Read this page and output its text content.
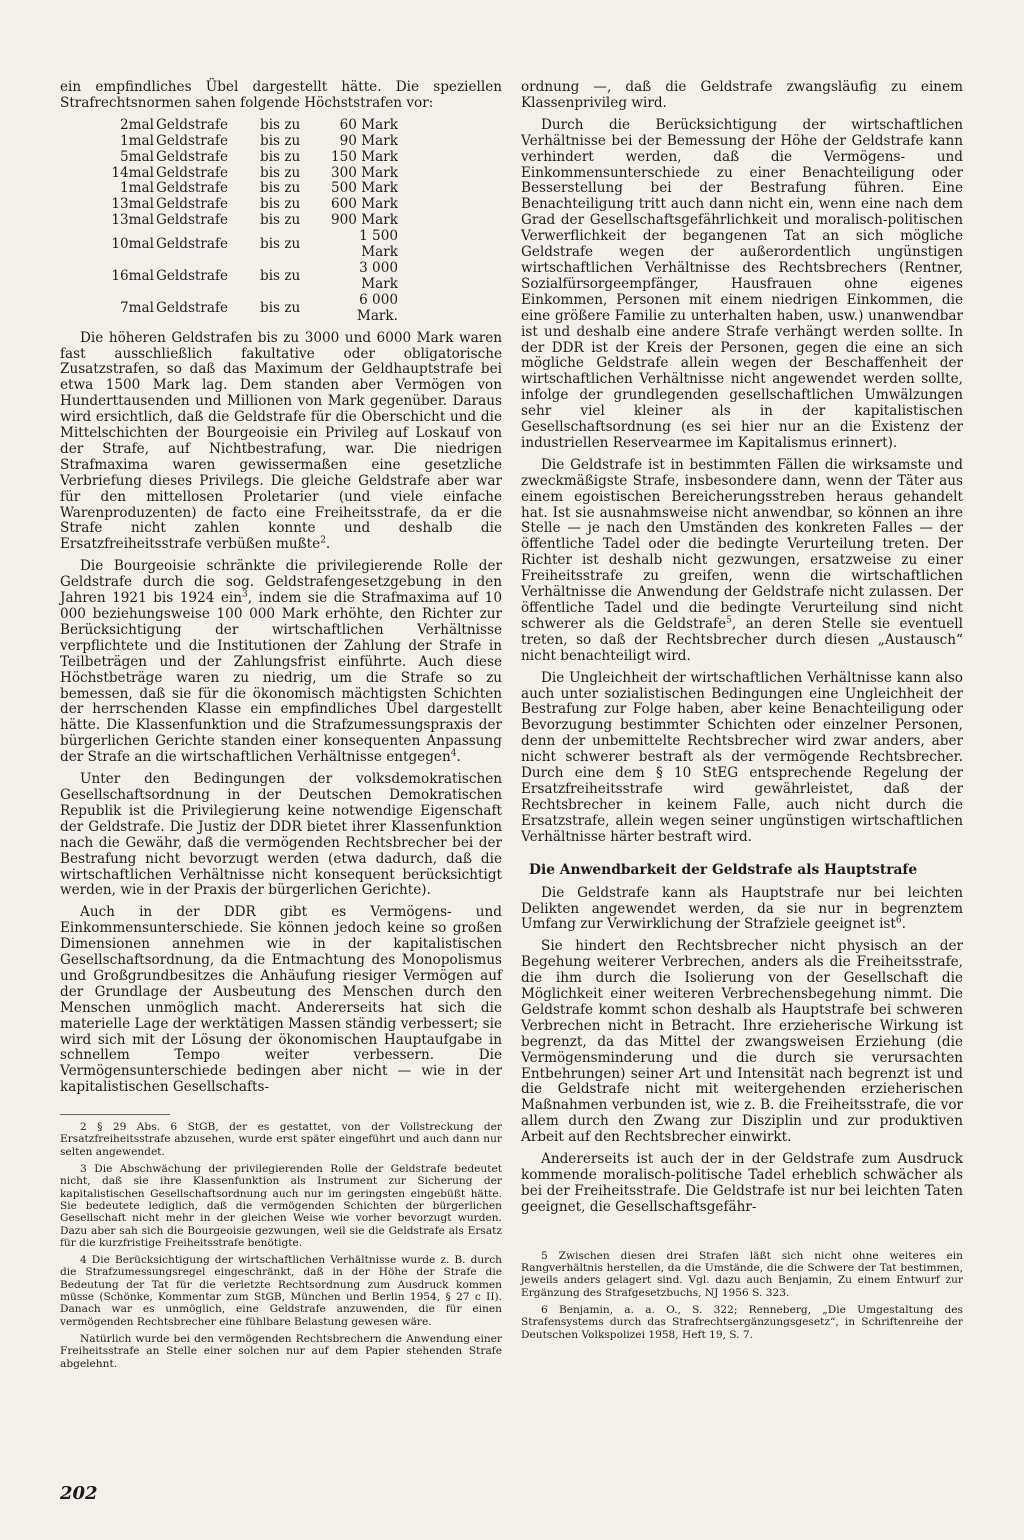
ein empfindliches Übel dargestellt hätte. Die speziellen Strafrechtsnormen sahen folgende Höchststrafen vor:

2mal	Geldstrafe	bis zu	60 Mark
1mal	Geldstrafe	bis zu	90 Mark
5mal	Geldstrafe	bis zu	150 Mark
14mal	Geldstrafe	bis zu	300 Mark
1mal	Geldstrafe	bis zu	500 Mark
13mal	Geldstrafe	bis zu	600 Mark
13mal	Geldstrafe	bis zu	900 Mark
10mal	Geldstrafe	bis zu	1 500 Mark
16mal	Geldstrafe	bis zu	3 000 Mark
7mal	Geldstrafe	bis zu	6 000 Mark.

Die höheren Geldstrafen bis zu 3000 und 6000 Mark waren fast ausschließlich fakultative oder obligatorische Zusatzstrafen, so daß das Maximum der Geldhauptstrafe bei etwa 1500 Mark lag. Dem standen aber Vermögen von Hunderttausenden und Millionen von Mark gegenüber. Daraus wird ersichtlich, daß die Geldstrafe für die Oberschicht und die Mittelschichten der Bourgeoisie ein Privileg auf Loskauf von der Strafe, auf Nichtbestrafung, war. Die niedrigen Strafmaxima waren gewissermaßen eine gesetzliche Verbriefung dieses Privilegs. Die gleiche Geldstrafe aber war für den mittellosen Proletarier (und viele einfache Warenproduzenten) de facto eine Freiheitsstrafe, da er die Strafe nicht zahlen konnte und deshalb die Ersatzfreiheitsstrafe verbüßen mußte$^2$.

Die Bourgeoisie schränkte die privilegierende Rolle der Geldstrafe durch die sog. Geldstrafengesetzgebung in den Jahren 1921 bis 1924 ein$^3$, indem sie die Strafmaxima auf 10 000 beziehungsweise 100 000 Mark erhöhte, den Richter zur Berücksichtigung der wirtschaftlichen Verhältnisse verpflichtete und die Institutionen der Zahlung der Strafe in Teilbeträgen und der Zahlungsfrist einführte. Auch diese Höchstbeträge waren zu niedrig, um die Strafe so zu bemessen, daß sie für die ökonomisch mächtigsten Schichten der herrschenden Klasse ein empfindliches Übel dargestellt hätte. Die Klassenfunktion und die Strafzumessungspraxis der bürgerlichen Gerichte standen einer konsequenten Anpassung der Strafe an die wirtschaftlichen Verhältnisse entgegen$^4$.

Unter den Bedingungen der volksdemokratischen Gesellschaftsordnung in der Deutschen Demokratischen Republik ist die Privilegierung keine notwendige Eigenschaft der Geldstrafe. Die Justiz der DDR bietet ihrer Klassenfunktion nach die Gewähr, daß die vermögenden Rechtsbrecher bei der Bestrafung nicht bevorzugt werden (etwa dadurch, daß die wirtschaftlichen Verhältnisse nicht konsequent berücksichtigt werden, wie in der Praxis der bürgerlichen Gerichte).

Auch in der DDR gibt es Vermögens- und Einkommensunterschiede. Sie können jedoch keine so großen Dimensionen annehmen wie in der kapitalistischen Gesellschaftsordnung, da die Entmachtung des Monopolismus und Großgrundbesitzes die Anhäufung riesiger Vermögen auf der Grundlage der Ausbeutung des Menschen durch den Menschen unmöglich macht. Andererseits hat sich die materielle Lage der werktätigen Massen ständig verbessert; sie wird sich mit der Lösung der ökonomischen Hauptaufgabe in schnellem Tempo weiter verbessern. Die Vermögensunterschiede bedingen aber nicht — wie in der kapitalistischen Gesellschafts-

2 § 29 Abs. 6 StGB, der es gestattet, von der Vollstreckung der Ersatzfreiheitsstrafe abzusehen, wurde erst später eingeführt und auch dann nur selten angewendet.

3 Die Abschwächung der privilegierenden Rolle der Geldstrafe bedeutet nicht, daß sie ihre Klassenfunktion als Instrument zur Sicherung der kapitalistischen Gesellschaftsordnung auch nur im geringsten eingebüßt hätte. Sie bedeutete lediglich, daß die vermögenden Schichten der bürgerlichen Gesellschaft nicht mehr in der gleichen Weise wie vorher bevorzugt wurden. Dazu aber sah sich die Bourgeoisie gezwungen, weil sie die Geldstrafe als Ersatz für die kurzfristige Freiheitsstrafe benötigte.

4 Die Berücksichtigung der wirtschaftlichen Verhältnisse wurde z. B. durch die Strafzumessungsregel eingeschränkt, daß in der Höhe der Strafe die Bedeutung der Tat für die verletzte Rechtsordnung zum Ausdruck kommen müsse (Schönke, Kommentar zum StGB, München und Berlin 1954, § 27 c II). Danach war es unmöglich, eine Geldstrafe anzuwenden, die für einen vermögenden Rechtsbrecher eine fühlbare Belastung gewesen wäre.

Natürlich wurde bei den vermögenden Rechtsbrechern die Anwendung einer Freiheitsstrafe an Stelle einer solchen nur auf dem Papier stehenden Strafe abgelehnt.

ordnung —, daß die Geldstrafe zwangsläufig zu einem Klassenprivileg wird.

Durch die Berücksichtigung der wirtschaftlichen Verhältnisse bei der Bemessung der Höhe der Geldstrafe kann verhindert werden, daß die Vermögens- und Einkommensunterschiede zu einer Benachteiligung oder Besserstellung bei der Bestrafung führen. Eine Benachteiligung tritt auch dann nicht ein, wenn eine nach dem Grad der Gesellschaftsgefährlichkeit und moralisch-politischen Verwerflichkeit der begangenen Tat an sich mögliche Geldstrafe wegen der außerordentlich ungünstigen wirtschaftlichen Verhältnisse des Rechtsbrechers (Rentner, Sozialfürsorgeempfänger, Hausfrauen ohne eigenes Einkommen, Personen mit einem niedrigen Einkommen, die eine größere Familie zu unterhalten haben, usw.) unanwendbar ist und deshalb eine andere Strafe verhängt werden sollte. In der DDR ist der Kreis der Personen, gegen die eine an sich mögliche Geldstrafe allein wegen der Beschaffenheit der wirtschaftlichen Verhältnisse nicht angewendet werden sollte, infolge der grundlegenden gesellschaftlichen Umwälzungen sehr viel kleiner als in der kapitalistischen Gesellschaftsordnung (es sei hier nur an die Existenz der industriellen Reservearmee im Kapitalismus erinnert).

Die Geldstrafe ist in bestimmten Fällen die wirksamste und zweckmäßigste Strafe, insbesondere dann, wenn der Täter aus einem egoistischen Bereicherungsstreben heraus gehandelt hat. Ist sie ausnahmsweise nicht anwendbar, so können an ihre Stelle — je nach den Umständen des konkreten Falles — der öffentliche Tadel oder die bedingte Verurteilung treten. Der Richter ist deshalb nicht gezwungen, ersatzweise zu einer Freiheitsstrafe zu greifen, wenn die wirtschaftlichen Verhältnisse die Anwendung der Geldstrafe nicht zulassen. Der öffentliche Tadel und die bedingte Verurteilung sind nicht schwerer als die Geldstrafe$^5$, an deren Stelle sie eventuell treten, so daß der Rechtsbrecher durch diesen „Austausch“ nicht benachteiligt wird.

Die Ungleichheit der wirtschaftlichen Verhältnisse kann also auch unter sozialistischen Bedingungen eine Ungleichheit der Bestrafung zur Folge haben, aber keine Benachteiligung oder Bevorzugung bestimmter Schichten oder einzelner Personen, denn der unbemittelte Rechtsbrecher wird zwar anders, aber nicht schwerer bestraft als der vermögende Rechtsbrecher. Durch eine dem § 10 StEG entsprechende Regelung der Ersatzfreiheitsstrafe wird gewährleistet, daß der Rechtsbrecher in keinem Falle, auch nicht durch die Ersatzstrafe, allein wegen seiner ungünstigen wirtschaftlichen Verhältnisse härter bestraft wird.

Die Anwendbarkeit der Geldstrafe als Hauptstrafe

Die Geldstrafe kann als Hauptstrafe nur bei leichten Delikten angewendet werden, da sie nur in begrenztem Umfang zur Verwirklichung der Strafziele geeignet ist$^6$.

Sie hindert den Rechtsbrecher nicht physisch an der Begehung weiterer Verbrechen, anders als die Freiheitsstrafe, die ihm durch die Isolierung von der Gesellschaft die Möglichkeit einer weiteren Verbrechensbegehung nimmt. Die Geldstrafe kommt schon deshalb als Hauptstrafe bei schweren Verbrechen nicht in Betracht. Ihre erzieherische Wirkung ist begrenzt, da das Mittel der zwangsweisen Erziehung (die Vermögensminderung und die durch sie verursachten Entbehrungen) seiner Art und Intensität nach begrenzt ist und die Geldstrafe nicht mit weitergehenden erzieherischen Maßnahmen verbunden ist, wie z. B. die Freiheitsstrafe, die vor allem durch den Zwang zur Disziplin und zur produktiven Arbeit auf den Rechtsbrecher einwirkt.

Andererseits ist auch der in der Geldstrafe zum Ausdruck kommende moralisch-politische Tadel erheblich schwächer als bei der Freiheitsstrafe. Die Geldstrafe ist nur bei leichten Taten geeignet, die Gesellschaftsgefähr-

5 Zwischen diesen drei Strafen läßt sich nicht ohne weiteres ein Rangverhältnis herstellen, da die Umstände, die die Schwere der Tat bestimmen, jeweils anders gelagert sind. Vgl. dazu auch Benjamin, Zu einem Entwurf zur Ergänzung des Strafgesetzbuchs, NJ 1956 S. 323.

6 Benjamin, a. a. O., S. 322; Renneberg, „Die Umgestaltung des Strafensystems durch das Strafrechtsergänzungsgesetz“, in Schriftenreihe der Deutschen Volkspolizei 1958, Heft 19, S. 7.

202
